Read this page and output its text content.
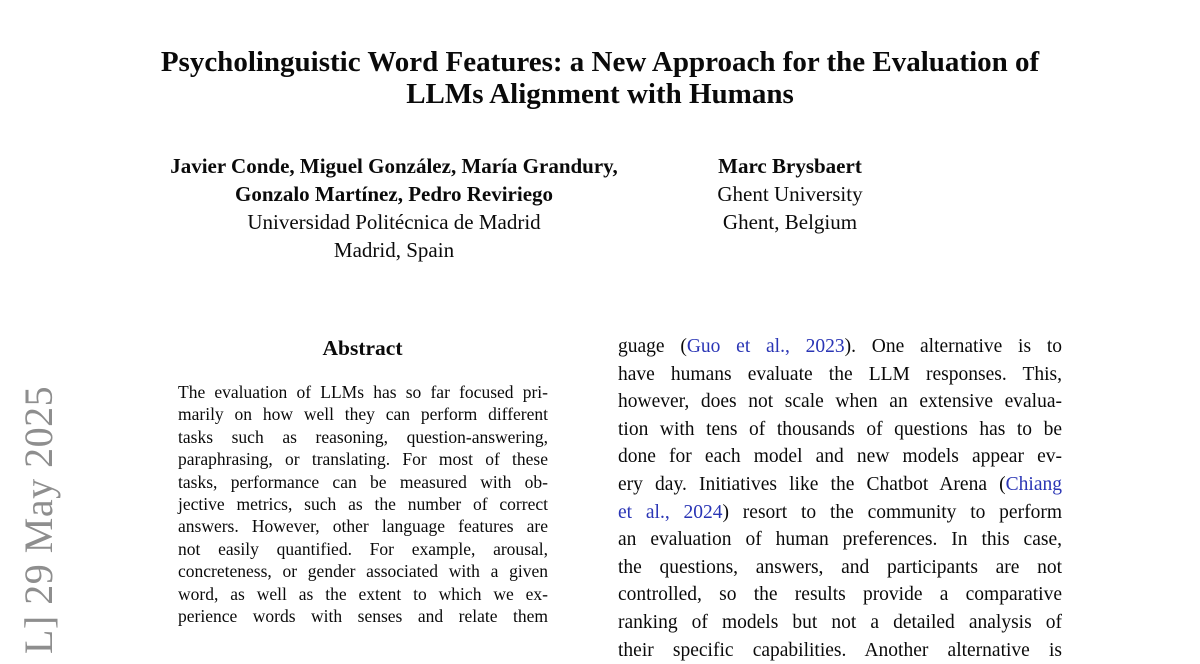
L] 29 May 2025
Psycholinguistic Word Features: a New Approach for the Evaluation of
LLMs Alignment with Humans
Javier Conde, Miguel González, María Grandury,
Gonzalo Martínez, Pedro Reviriego
Universidad Politécnica de Madrid
Madrid, Spain
Marc Brysbaert
Ghent University
Ghent, Belgium
Abstract
The evaluation of LLMs has so far focused pri-
marily on how well they can perform different
tasks such as reasoning, question-answering,
paraphrasing, or translating. For most of these
tasks, performance can be measured with ob-
jective metrics, such as the number of correct
answers. However, other language features are
not easily quantified. For example, arousal,
concreteness, or gender associated with a given
word, as well as the extent to which we ex-
perience words with senses and relate them
guage (Guo et al., 2023). One alternative is to
have humans evaluate the LLM responses. This,
however, does not scale when an extensive evalua-
tion with tens of thousands of questions has to be
done for each model and new models appear ev-
ery day. Initiatives like the Chatbot Arena (Chiang
et al., 2024) resort to the community to perform
an evaluation of human preferences. In this case,
the questions, answers, and participants are not
controlled, so the results provide a comparative
ranking of models but not a detailed analysis of
their specific capabilities. Another alternative is
